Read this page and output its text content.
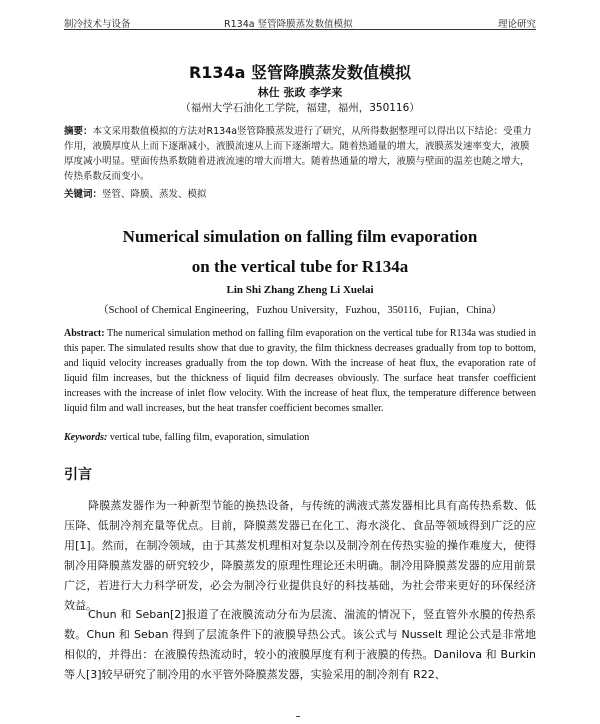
制冷技术与设备	R134a 竖管降膜蒸发数值模拟	理论研究
R134a 竖管降膜蒸发数值模拟
林仕 张政 李学来
（福州大学石油化工学院，福建，福州，350116）
摘要：本文采用数值模拟的方法对R134a竖管降膜蒸发进行了研究，从所得数据整理可以得出以下结论：受重力作用，液膜厚度从上而下逐渐减小，液膜流速从上而下逐渐增大。随着热通量的增大，液膜蒸发速率变大，液膜厚度减小明显。壁面传热系数随着进液流速的增大而增大。随着热通量的增大，液膜与壁面的温差也随之增大，传热系数反而变小。
关键词：竖管、降膜、蒸发、模拟
Numerical simulation on falling film evaporation
on the vertical tube for R134a
Lin Shi Zhang Zheng Li Xuelai
（School of Chemical Engineering，Fuzhou University，Fuzhou，350116，Fujian，China）
Abstract: The numerical simulation method on falling film evaporation on the vertical tube for R134a was studied in this paper. The simulated results show that due to gravity, the film thickness decreases gradually from top to bottom, and liquid velocity increases gradually from the top down. With the increase of heat flux, the evaporation rate of liquid film increases, but the thickness of liquid film decreases obviously. The surface heat transfer coefficient increases with the increase of inlet flow velocity. With the increase of heat flux, the temperature difference between liquid film and wall increases, but the heat transfer coefficient becomes smaller.
Keywords: vertical tube, falling film, evaporation, simulation
引言
降膜蒸发器作为一种新型节能的换热设备，与传统的满液式蒸发器相比具有高传热系数、低压降、低制冷剂充量等优点。目前，降膜蒸发器已在化工、海水淡化、食品等领域得到广泛的应用[1]。然而，在制冷领域，由于其蒸发机理相对复杂以及制冷剂在传热实验的操作难度大，使得制冷用降膜蒸发器的研究较少，降膜蒸发的原理性理论还未明确。制冷用降膜蒸发器的应用前景广泛，若进行大力科学研发，必会为制冷行业提供良好的科技基础，为社会带来更好的环保经济效益。
Chun 和 Seban[2]报道了在液膜流动分布为层流、湍流的情况下，竖直管外水膜的传热系数。Chun 和 Seban 得到了层流条件下的液膜导热公式。该公式与 Nusselt 理论公式是非常地相似的，并得出：在液膜传热流动时，较小的液膜厚度有利于液膜的传热。Danilova 和 Burkin 等人[3]较早研究了制冷用的水平管外降膜蒸发器，实验采用的制冷剂有 R22、
